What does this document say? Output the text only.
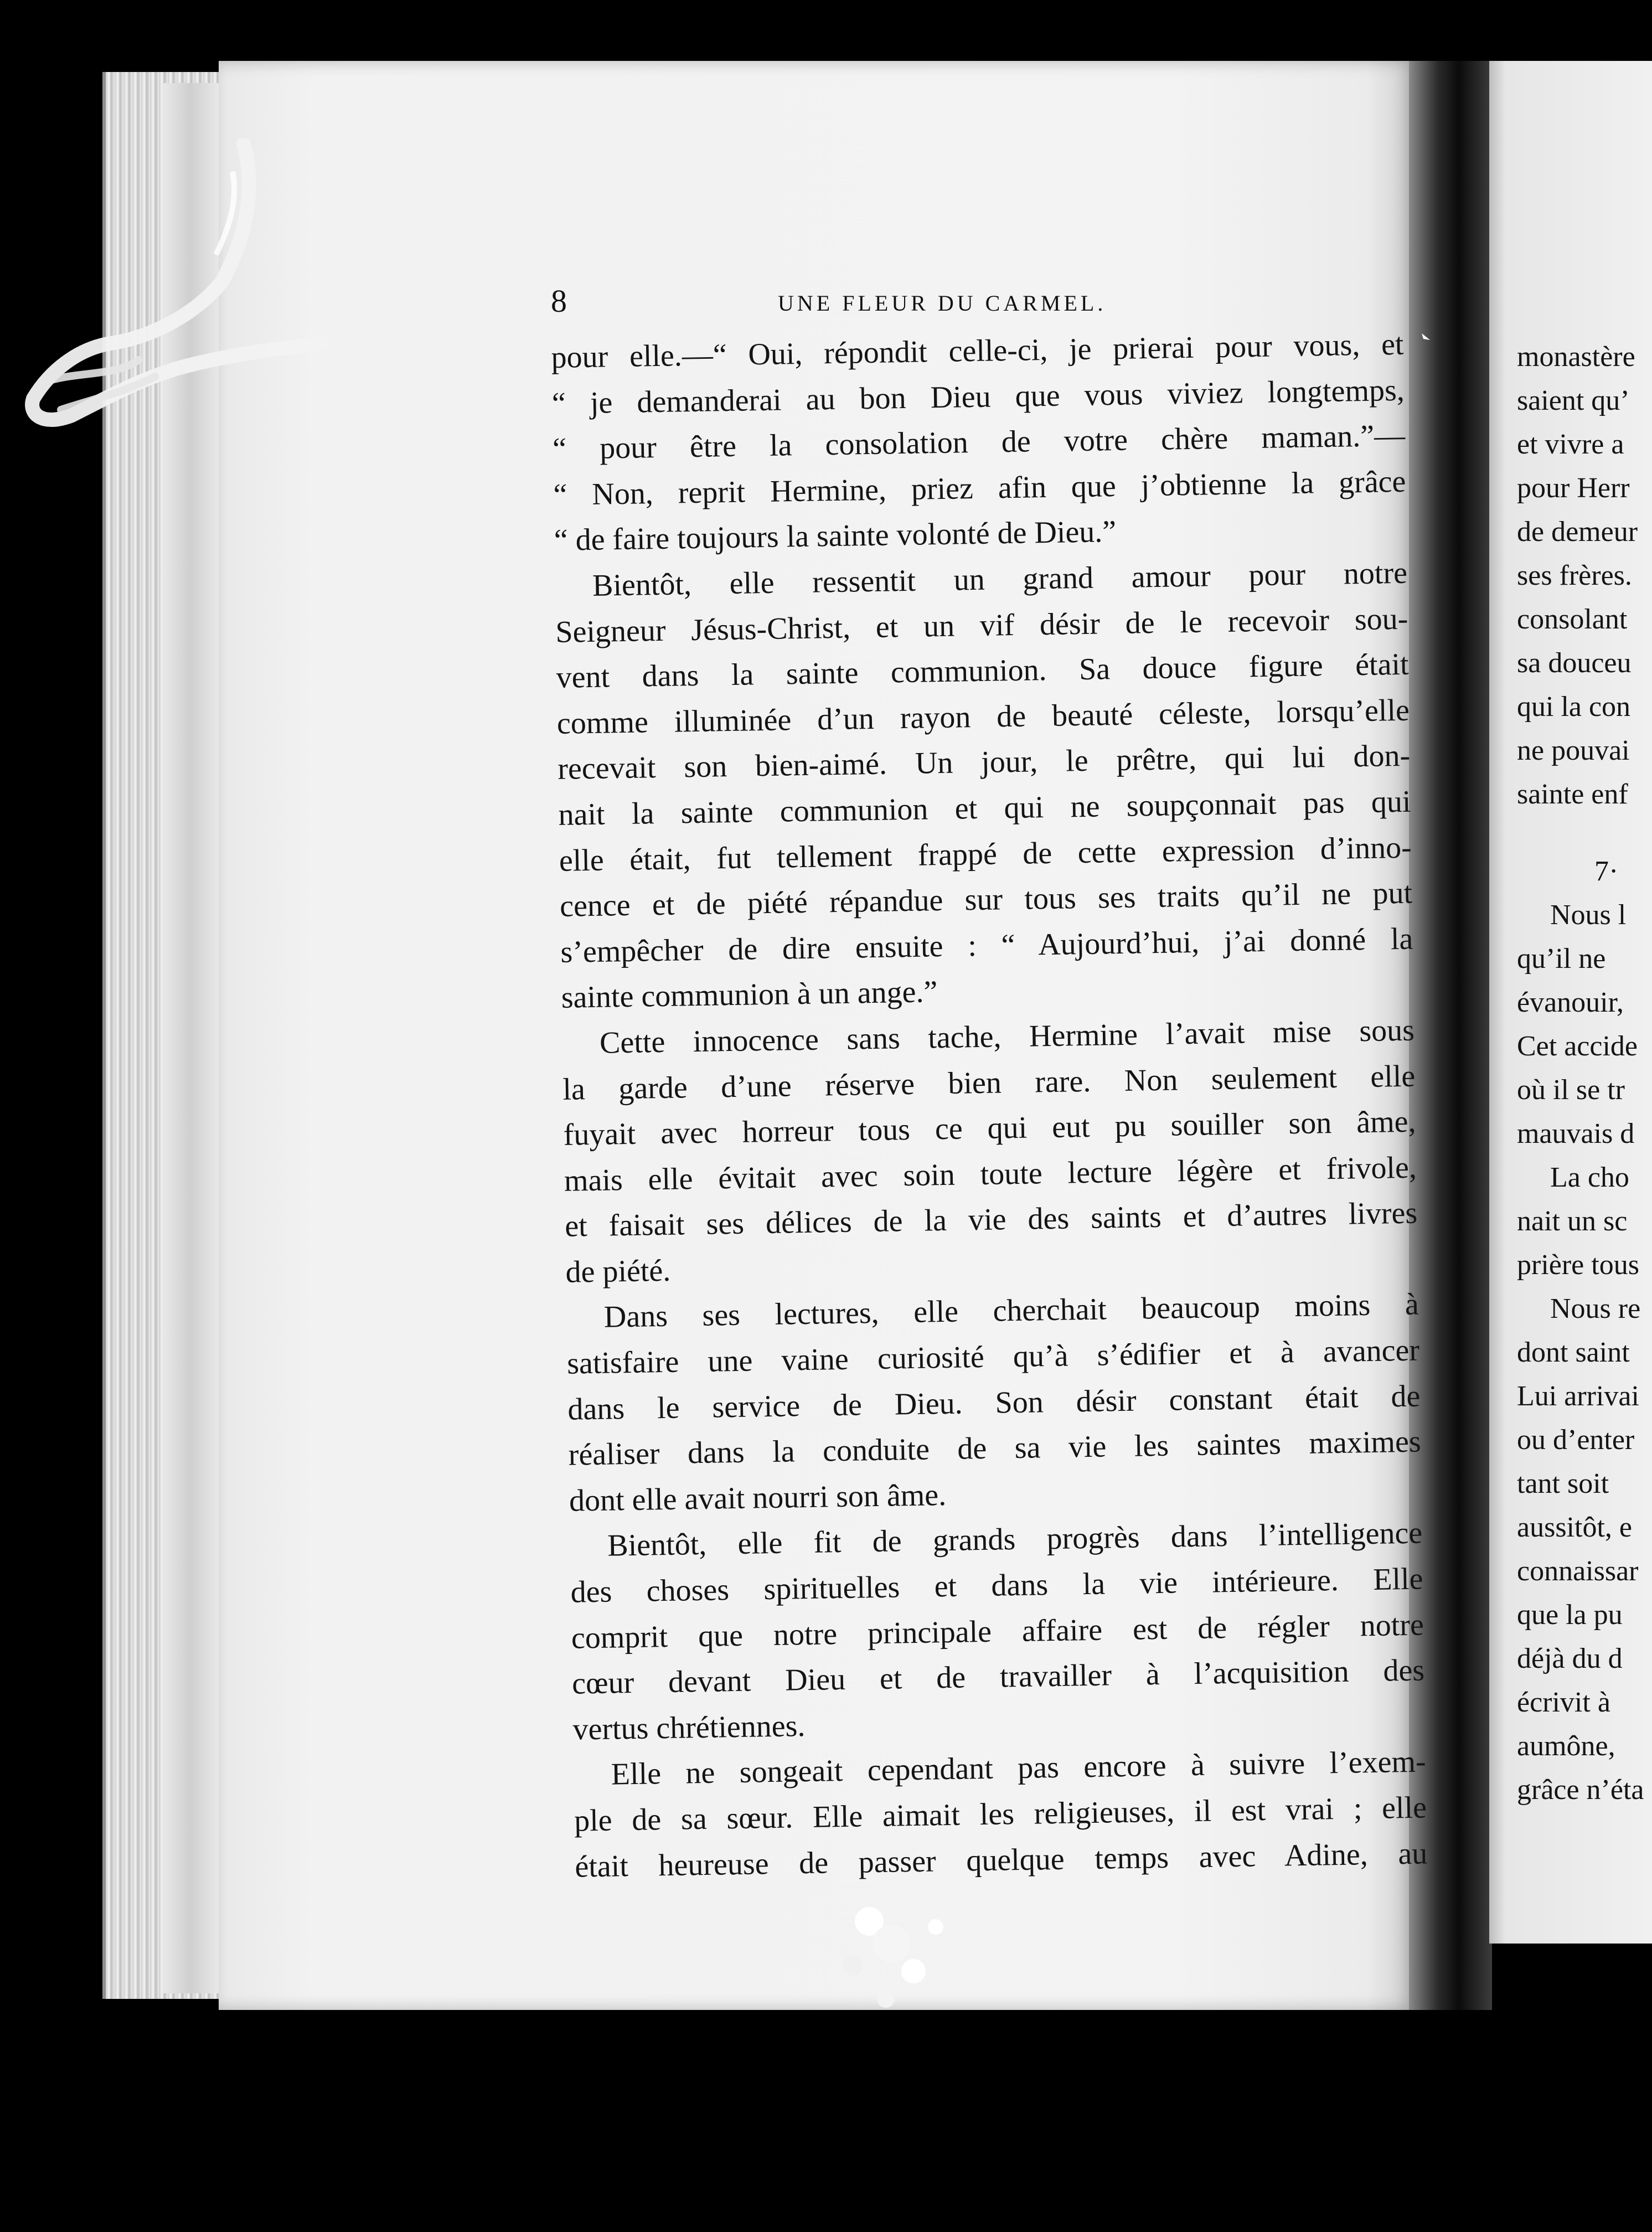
8	UNE FLEUR DU CARMEL.
pour elle.—“ Oui, répondit celle-ci, je prierai pour vous, et
“ je demanderai au bon Dieu que vous viviez longtemps,
“ pour être la consolation de votre chère maman.”—
“ Non, reprit Hermine, priez afin que j’obtienne la grâce
“ de faire toujours la sainte volonté de Dieu.”
Bientôt, elle ressentit un grand amour pour notre
Seigneur Jésus-Christ, et un vif désir de le recevoir sou-
vent dans la sainte communion. Sa douce figure était
comme illuminée d’un rayon de beauté céleste, lorsqu’elle
recevait son bien-aimé. Un jour, le prêtre, qui lui don-
nait la sainte communion et qui ne soupçonnait pas qui
elle était, fut tellement frappé de cette expression d’inno-
cence et de piété répandue sur tous ses traits qu’il ne put
s’empêcher de dire ensuite : “ Aujourd’hui, j’ai donné la
sainte communion à un ange.”
Cette innocence sans tache, Hermine l’avait mise sous
la garde d’une réserve bien rare. Non seulement elle
fuyait avec horreur tous ce qui eut pu souiller son âme,
mais elle évitait avec soin toute lecture légère et frivole,
et faisait ses délices de la vie des saints et d’autres livres
de piété.
Dans ses lectures, elle cherchait beaucoup moins à
satisfaire une vaine curiosité qu’à s’édifier et à avancer
dans le service de Dieu. Son désir constant était de
réaliser dans la conduite de sa vie les saintes maximes
dont elle avait nourri son âme.
Bientôt, elle fit de grands progrès dans l’intelligence
des choses spirituelles et dans la vie intérieure. Elle
comprit que notre principale affaire est de régler notre
cœur devant Dieu et de travailler à l’acquisition des
vertus chrétiennes.
Elle ne songeait cependant pas encore à suivre l’exem-
ple de sa sœur. Elle aimait les religieuses, il est vrai ; elle
était heureuse de passer quelque temps avec Adine, au
monastère
saient qu’
et vivre a
pour Herr
de demeur
ses frères.
consolant
sa douceu
qui la con
ne pouvai
sainte enf
7·
Nous l
qu’il ne
évanouir,
Cet accide
où il se tr
mauvais d
La cho
nait un sc
prière tous
Nous re
dont saint
Lui arrivai
ou d’enter
tant soit
aussitôt, e
connaissar
que la pu
déjà du d
écrivit à
aumône,
grâce n’éta
